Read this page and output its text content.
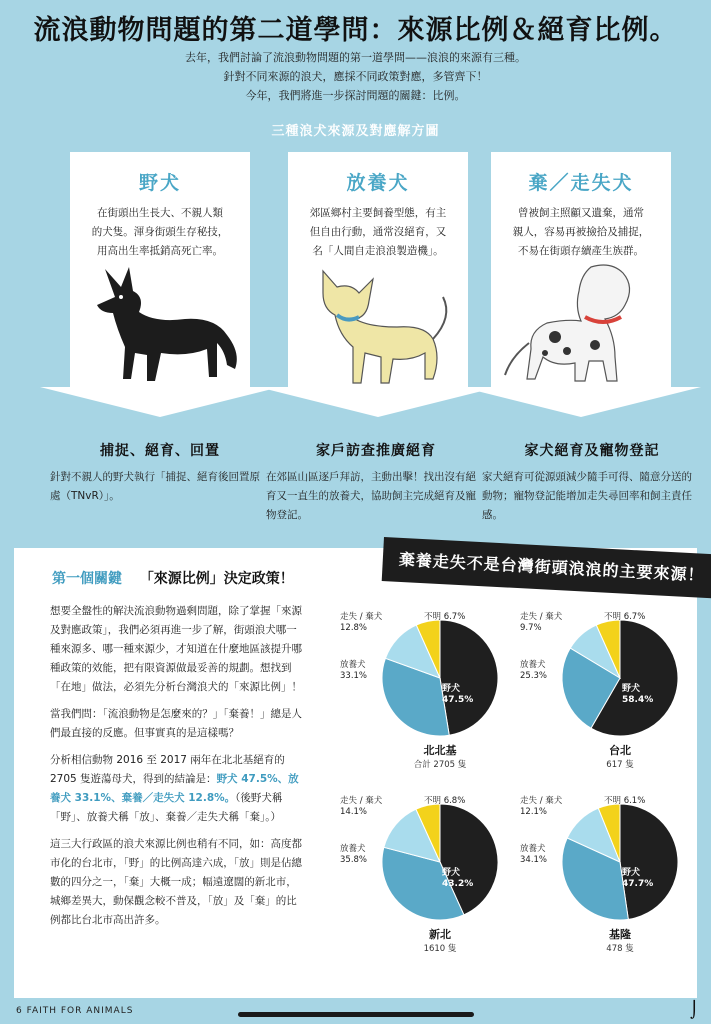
流浪動物問題的第二道學問：來源比例＆絕育比例。
去年，我們討論了流浪動物問題的第一道學問——浪浪的來源有三種。
針對不同來源的浪犬，應採不同政策對應，多管齊下！
今年，我們將進一步探討問題的關鍵：比例。
三種浪犬來源及對應解方圖
野犬
在街頭出生長大、不親人類
的犬隻。渾身街頭生存秘技，
用高出生率抵銷高死亡率。
放養犬
郊區鄉村主要飼養型態，有主
但自由行動，通常沒絕育，又
名「人間自走浪浪製造機」。
棄／走失犬
曾被飼主照顧又遺棄，通常
親人，容易再被撿拾及捕捉，
不易在街頭存續產生族群。
捕捉、絕育、回置
針對不親人的野犬執行「捕捉、絕育後回置原處（TNvR）」。
家戶訪查推廣絕育
在郊區山區逐戶拜訪，主動出擊！找出沒有絕育又一直生的放養犬，協助飼主完成絕育及寵物登記。
家犬絕育及寵物登記
家犬絕育可從源頭減少隨手可得、隨意分送的動物；寵物登記能增加走失尋回率和飼主責任感。
第一個關鍵 「來源比例」決定政策！

想要全盤性的解決流浪動物過剩問題，除了掌握「來源及對應政策」，我們必須再進一步了解，街頭浪犬哪一種來源多、哪一種來源少，才知道在什麼地區該提升哪種政策的效能，把有限資源做最妥善的規劃。想找到「在地」做法，必須先分析台灣浪犬的「來源比例」！

當我們問：「流浪動物是怎麼來的？」「棄養！」總是人們最直接的反應。但事實真的是這樣嗎？

分析相信動物 2016 至 2017 兩年在北北基絕育的 2705 隻遊蕩母犬，得到的結論是：野犬 47.5%、放養犬 33.1%、棄養／走失犬 12.8%。（後野犬稱「野」、放養犬稱「放」、棄養／走失犬稱「棄」。）

這三大行政區的浪犬來源比例也稍有不同，如：高度都市化的台北市，「野」的比例高達六成，「放」則是佔總數的四分之一，「棄」大概一成；幅遠遼闊的新北市，城鄉差異大，動保觀念較不普及，「放」及「棄」的比例都比台北市高出許多。

棄養走失不是台灣街頭浪浪的主要來源！
野犬
47.5%
放養犬
33.1%
走失 / 棄犬
12.8%
不明 6.7%
北北基
合計 2705 隻
野犬
58.4%
放養犬
25.3%
走失 / 棄犬
9.7%
不明 6.7%
台北
617 隻
野犬
43.2%
放養犬
35.8%
走失 / 棄犬
14.1%
不明 6.8%
新北
1610 隻
野犬
47.7%
放養犬
34.1%
走失 / 棄犬
12.1%
不明 6.1%
基隆
478 隻
6 FAITH FOR ANIMALS	⌡
